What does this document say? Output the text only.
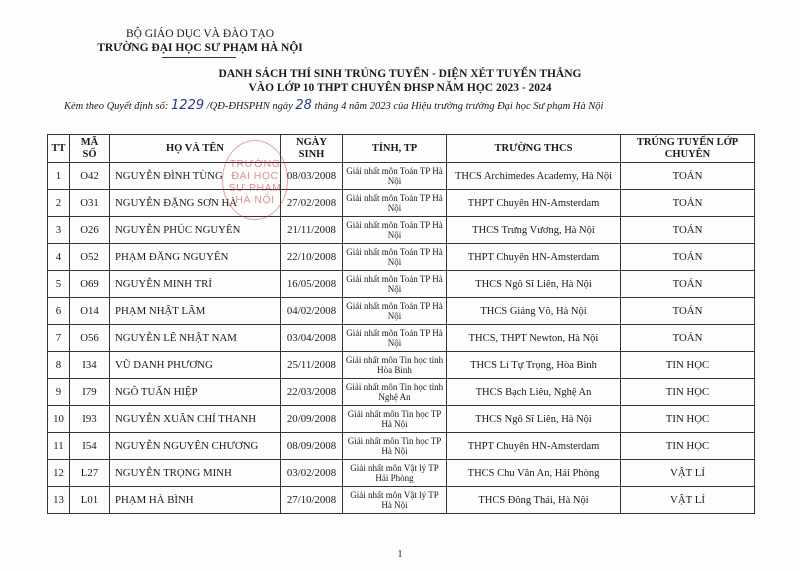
BỘ GIÁO DỤC VÀ ĐÀO TẠO
TRƯỜNG ĐẠI HỌC SƯ PHẠM HÀ NỘI
DANH SÁCH THÍ SINH TRÚNG TUYỂN - DIỆN XÉT TUYỂN THẲNG
VÀO LỚP 10 THPT CHUYÊN ĐHSP NĂM HỌC 2023 - 2024
Kèm theo Quyết định số: 1229 /QĐ-ĐHSPHN ngày 28 tháng 4 năm 2023 của Hiệu trưởng trường Đại học Sư phạm Hà Nội
TT	MÃ SỐ	HỌ VÀ TÊN	NGÀY SINH	TỈNH, TP	TRƯỜNG THCS	TRÚNG TUYỂN LỚP CHUYÊN
1	O42	NGUYỄN ĐÌNH TÙNG	08/03/2008	Giải nhất môn Toán TP Hà Nội	THCS Archimedes Academy, Hà Nội	TOÁN
2	O31	NGUYỄN ĐẶNG SƠN HÀ	27/02/2008	Giải nhất môn Toán TP Hà Nội	THPT Chuyên HN-Amsterdam	TOÁN
3	O26	NGUYỄN PHÚC NGUYÊN	21/11/2008	Giải nhất môn Toán TP Hà Nội	THCS Trưng Vương, Hà Nội	TOÁN
4	O52	PHẠM ĐĂNG NGUYÊN	22/10/2008	Giải nhất môn Toán TP Hà Nội	THPT Chuyên HN-Amsterdam	TOÁN
5	O69	NGUYỄN MINH TRÍ	16/05/2008	Giải nhất môn Toán TP Hà Nội	THCS Ngô Sĩ Liên, Hà Nội	TOÁN
6	O14	PHẠM NHẬT LÂM	04/02/2008	Giải nhất môn Toán TP Hà Nội	THCS Giảng Võ, Hà Nội	TOÁN
7	O56	NGUYỄN LÊ NHẬT NAM	03/04/2008	Giải nhất môn Toán TP Hà Nội	THCS, THPT Newton, Hà Nội	TOÁN
8	I34	VŨ DANH PHƯƠNG	25/11/2008	Giải nhất môn Tin học tỉnh Hòa Bình	THCS Lí Tự Trọng, Hòa Bình	TIN HỌC
9	I79	NGÔ TUẤN HIỆP	22/03/2008	Giải nhất môn Tin học tỉnh Nghệ An	THCS Bạch Liêu, Nghệ An	TIN HỌC
10	I93	NGUYỄN XUÂN CHÍ THANH	20/09/2008	Giải nhất môn Tin học TP Hà Nội	THCS Ngô Sĩ Liên, Hà Nội	TIN HỌC
11	I54	NGUYỄN NGUYÊN CHƯƠNG	08/09/2008	Giải nhất môn Tin học TP Hà Nội	THPT Chuyên HN-Amsterdam	TIN HỌC
12	L27	NGUYỄN TRỌNG MINH	03/02/2008	Giải nhất môn Vật lý TP Hải Phòng	THCS Chu Văn An, Hải Phòng	VẬT LÍ
13	L01	PHẠM HÀ BÌNH	27/10/2008	Giải nhất môn Vật lý TP Hà Nội	THCS Đông Thái, Hà Nội	VẬT LÍ
TRƯỜNG ĐẠI HỌC SƯ PHẠM HÀ NỘI
1
